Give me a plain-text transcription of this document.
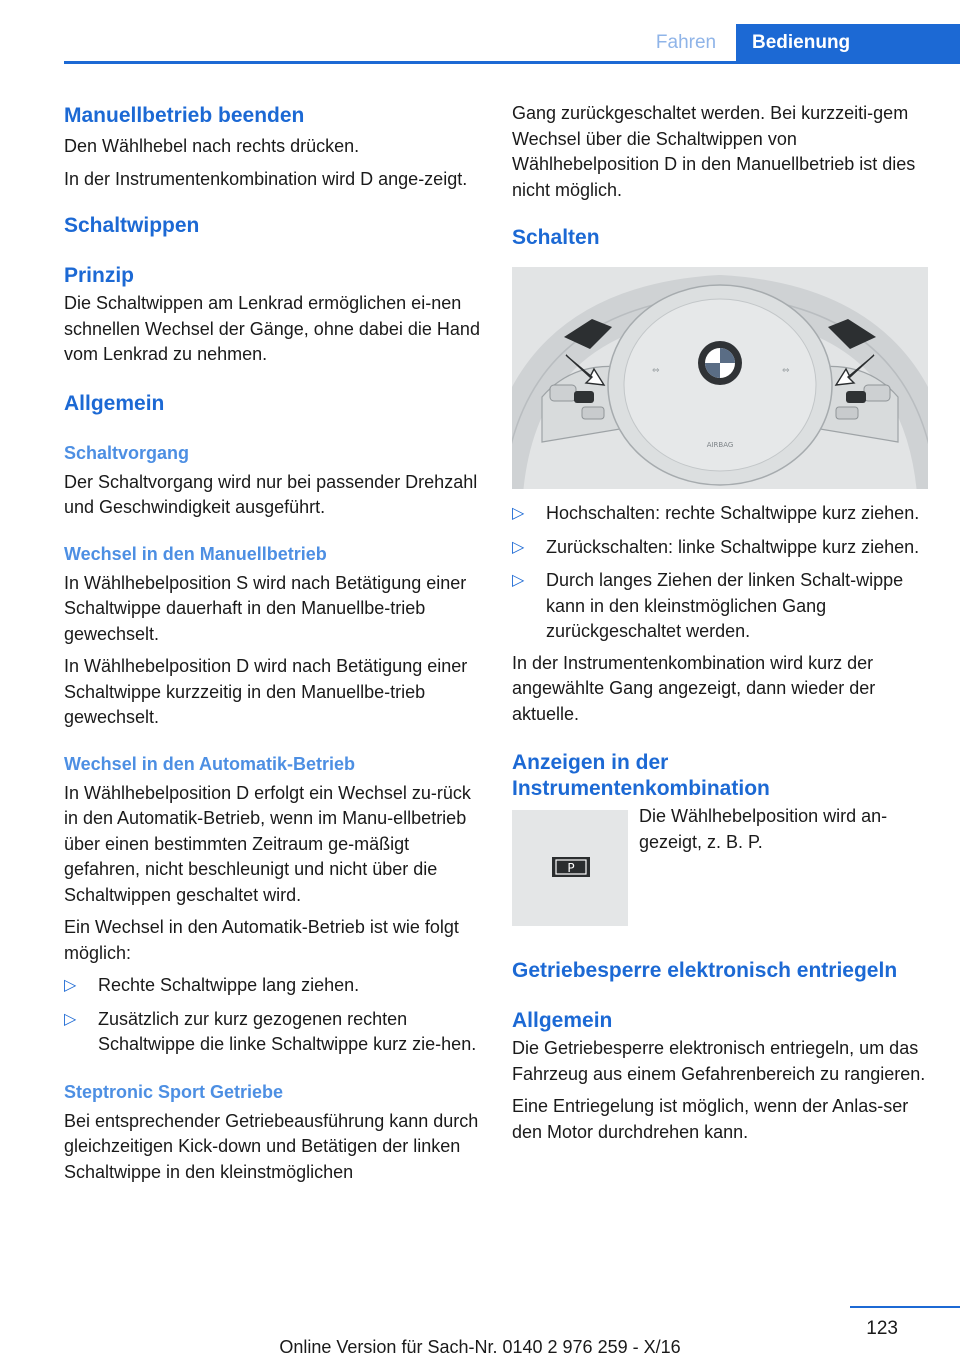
Fahren	Bedienung
Manuellbetrieb beenden

Den Wählhebel nach rechts drücken.

In der Instrumentenkombination wird D ange‐zeigt.

Schaltwippen
Prinzip

Die Schaltwippen am Lenkrad ermöglichen ei‐nen schnellen Wechsel der Gänge, ohne dabei die Hand vom Lenkrad zu nehmen.

Allgemein
Schaltvorgang

Der Schaltvorgang wird nur bei passender Drehzahl und Geschwindigkeit ausgeführt.

Wechsel in den Manuellbetrieb

In Wählhebelposition S wird nach Betätigung einer Schaltwippe dauerhaft in den Manuellbe‐trieb gewechselt.

In Wählhebelposition D wird nach Betätigung einer Schaltwippe kurzzeitig in den Manuellbe‐trieb gewechselt.

Wechsel in den Automatik-Betrieb

In Wählhebelposition D erfolgt ein Wechsel zu‐rück in den Automatik-Betrieb, wenn im Manu‐ellbetrieb über einen bestimmten Zeitraum ge‐mäßigt gefahren, nicht beschleunigt und nicht über die Schaltwippen geschaltet wird.

Ein Wechsel in den Automatik-Betrieb ist wie folgt möglich:

▷ Rechte Schaltwippe lang ziehen.
▷ Zusätzlich zur kurz gezogenen rechten Schaltwippe die linke Schaltwippe kurz zie‐hen.
Steptronic Sport Getriebe

Bei entsprechender Getriebeausführung kann durch gleichzeitigen Kick-down und Betätigen der linken Schaltwippe in den kleinstmöglichen

Gang zurückgeschaltet werden. Bei kurzzeiti‐gem Wechsel über die Schaltwippen von Wählhebelposition D in den Manuellbetrieb ist dies nicht möglich.

Schalten
⇔	⇔
AIRBAG
▷ Hochschalten: rechte Schaltwippe kurz ziehen.
▷ Zurückschalten: linke Schaltwippe kurz ziehen.
▷ Durch langes Ziehen der linken Schalt‐wippe kann in den kleinstmöglichen Gang zurückgeschaltet werden.

In der Instrumentenkombination wird kurz der angewählte Gang angezeigt, dann wieder der aktuelle.

Anzeigen in der Instrumentenkombination
P

Die Wählhebelposition wird an‐gezeigt, z. B. P.

Getriebesperre elektronisch entriegeln
Allgemein

Die Getriebesperre elektronisch entriegeln, um das Fahrzeug aus einem Gefahrenbereich zu rangieren.

Eine Entriegelung ist möglich, wenn der Anlas‐ser den Motor durchdrehen kann.

123
Online Version für Sach-Nr. 0140 2 976 259 - X/16
